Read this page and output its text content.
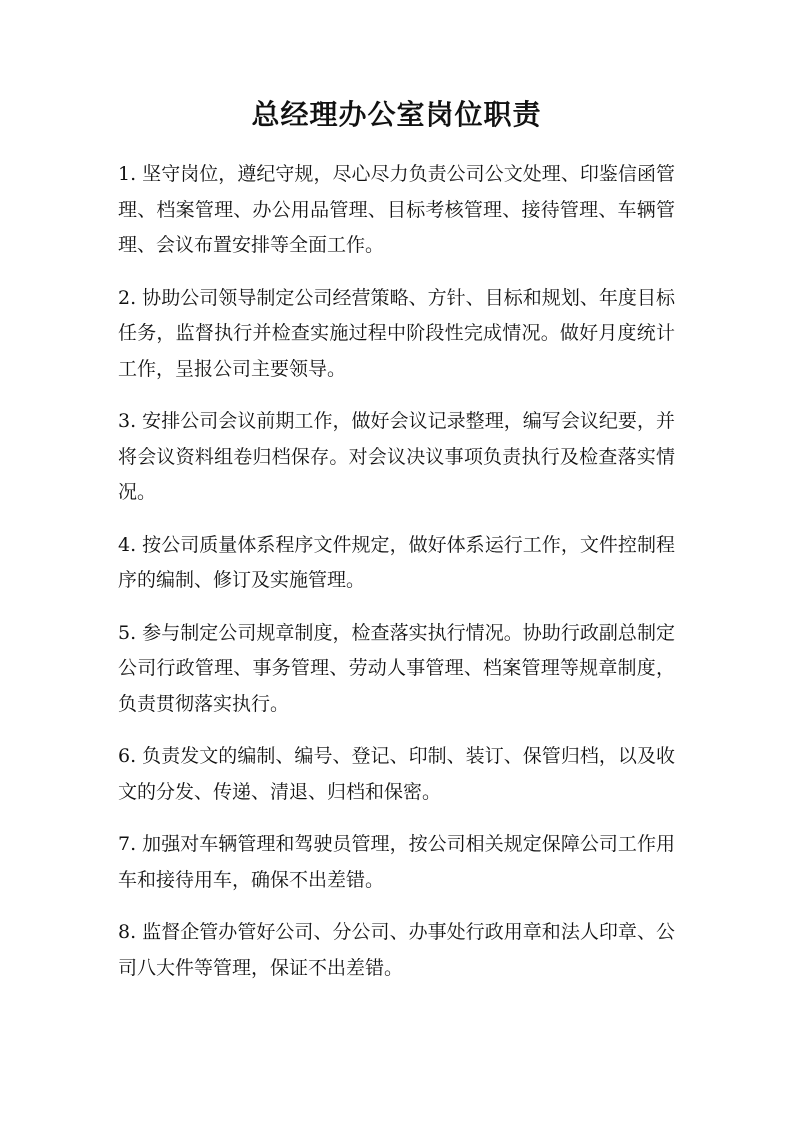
总经理办公室岗位职责

1. 坚守岗位，遵纪守规，尽心尽力负责公司公文处理、印鉴信函管理、档案管理、办公用品管理、目标考核管理、接待管理、车辆管理、会议布置安排等全面工作。

2. 协助公司领导制定公司经营策略、方针、目标和规划、年度目标任务，监督执行并检查实施过程中阶段性完成情况。做好月度统计工作，呈报公司主要领导。

3. 安排公司会议前期工作，做好会议记录整理，编写会议纪要，并将会议资料组卷归档保存。对会议决议事项负责执行及检查落实情况。

4. 按公司质量体系程序文件规定，做好体系运行工作，文件控制程序的编制、修订及实施管理。

5. 参与制定公司规章制度，检查落实执行情况。协助行政副总制定公司行政管理、事务管理、劳动人事管理、档案管理等规章制度，负责贯彻落实执行。

6. 负责发文的编制、编号、登记、印制、装订、保管归档，以及收文的分发、传递、清退、归档和保密。

7. 加强对车辆管理和驾驶员管理，按公司相关规定保障公司工作用车和接待用车，确保不出差错。

8. 监督企管办管好公司、分公司、办事处行政用章和法人印章、公司八大件等管理，保证不出差错。
